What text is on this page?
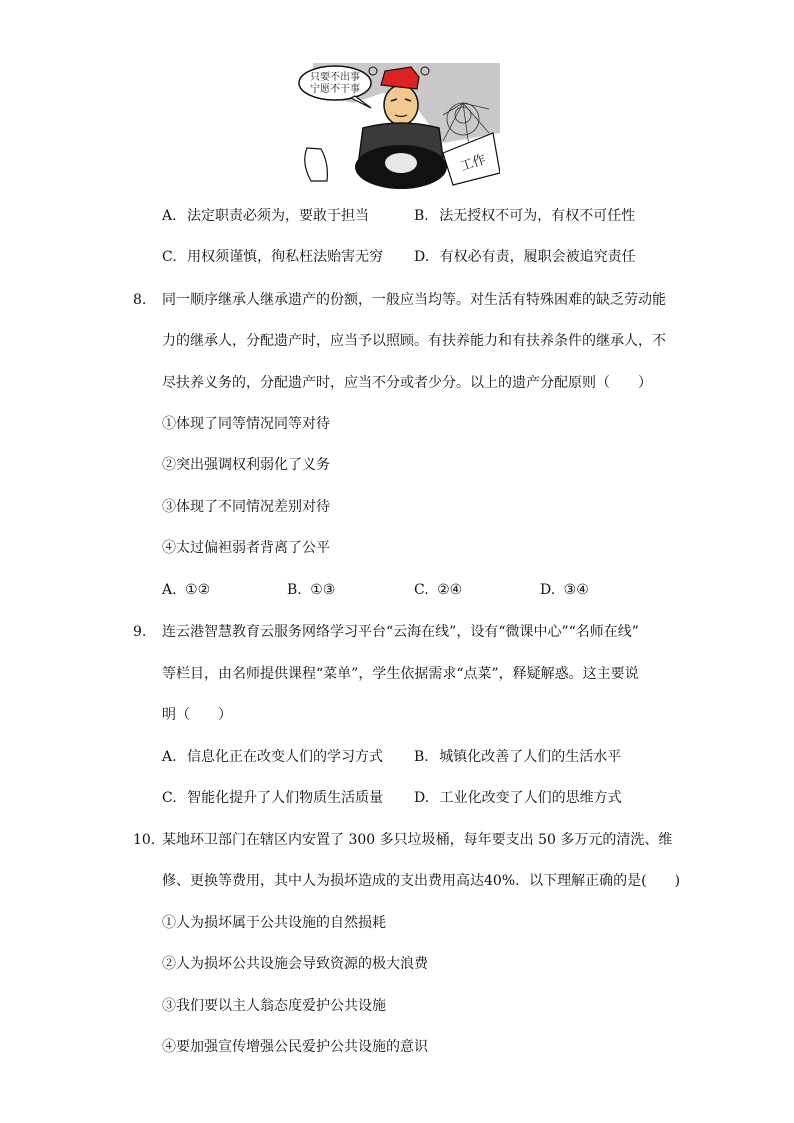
只要不出事
宁愿不干事
工作
A. 法定职责必须为，要敢于担当	B. 法无授权不可为，有权不可任性
C. 用权须谨慎，徇私枉法贻害无穷 D. 有权必有责，履职会被追究责任
8. 同一顺序继承人继承遗产的份额，一般应当均等。对生活有特殊困难的缺乏劳动能
力的继承人，分配遗产时，应当予以照顾。有扶养能力和有扶养条件的继承人，不
尽扶养义务的，分配遗产时，应当不分或者少分。以上的遗产分配原则（　　）
①体现了同等情况同等对待
②突出强调权利弱化了义务
③体现了不同情况差别对待
④太过偏袒弱者背离了公平
A. ①②	B. ①③	C. ②④	D. ③④
9. 连云港智慧教育云服务网络学习平台“云海在线”，设有“微课中心”“名师在线”
等栏目，由名师提供课程“菜单”，学生依据需求“点菜”，释疑解惑。这主要说
明（　　）
A. 信息化正在改变人们的学习方式 B. 城镇化改善了人们的生活水平
C. 智能化提升了人们物质生活质量 D. 工业化改变了人们的思维方式
10. 某地环卫部门在辖区内安置了 300 多只垃圾桶，每年要支出 50 多万元的清洗、维
修、更换等费用，其中人为损坏造成的支出费用高达40%．以下理解正确的是(　　)
①人为损坏属于公共设施的自然损耗
②人为损坏公共设施会导致资源的极大浪费
③我们要以主人翁态度爱护公共设施
④要加强宣传增强公民爱护公共设施的意识
